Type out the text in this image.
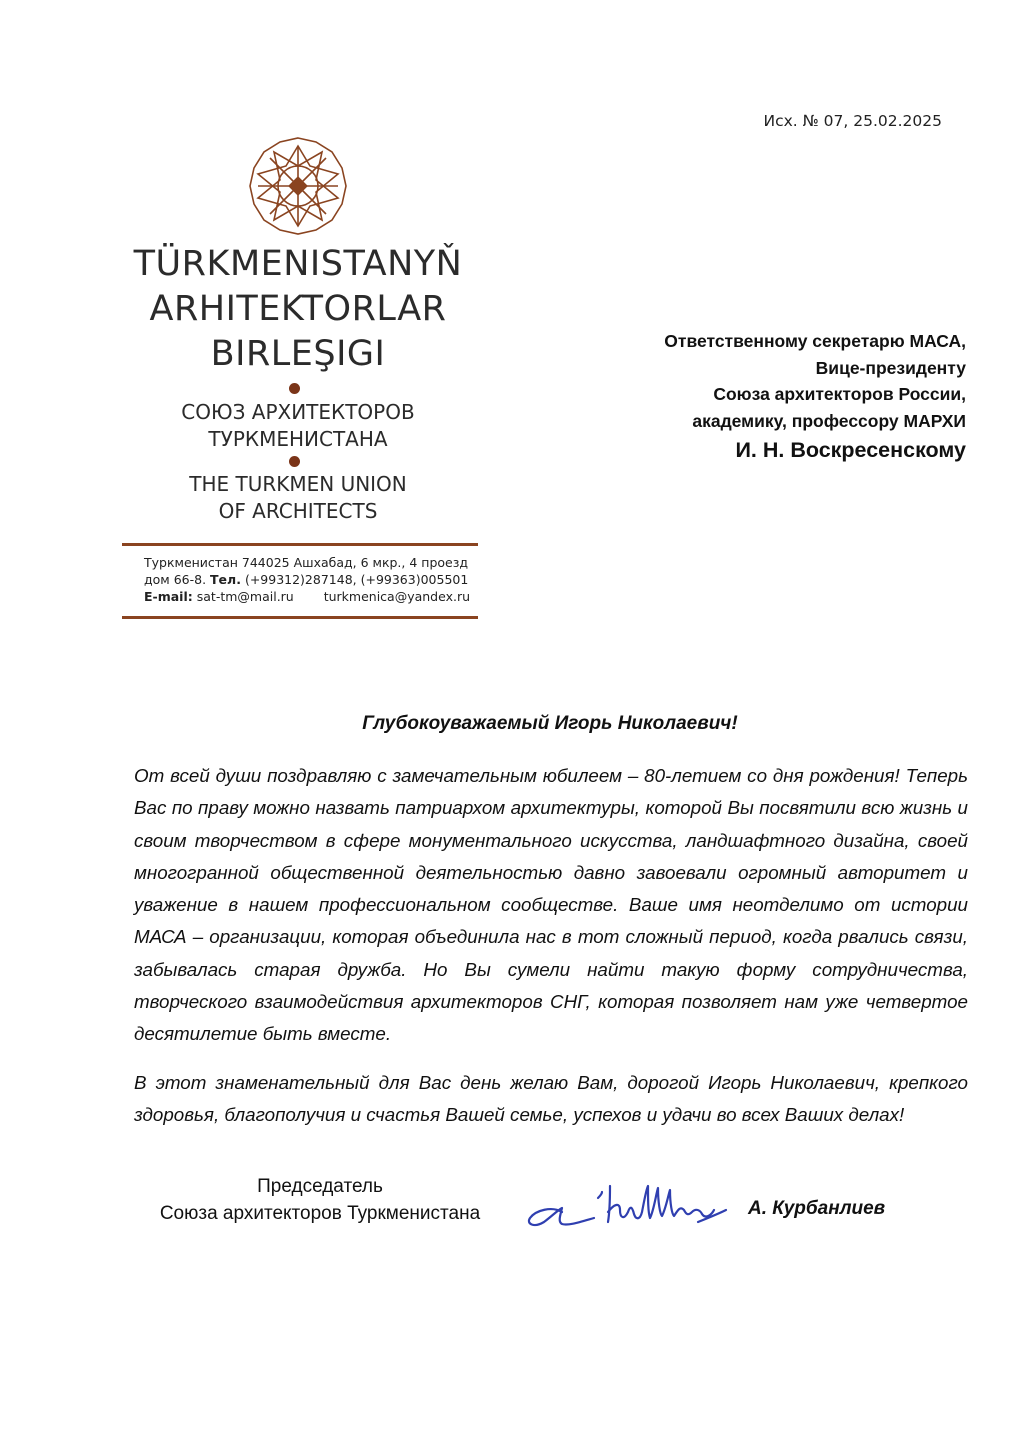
Исх. № 07, 25.02.2025
TÜRKMENISTANYŇ
ARHITEKTORLAR
BIRLEŞIGI
СОЮЗ АРХИТЕКТОРОВ
ТУРКМЕНИСТАНА
THE TURKMEN UNION
OF ARCHITECTS
Туркменистан 744025 Ашхабад, 6 мкр., 4 проезд
дом 66-8. Тел. (+99312)287148, (+99363)005501
E-mail: sat-tm@mail.ru turkmenica@yandex.ru
Ответственному секретарю МАСА,
Вице-президенту
Союза архитекторов России,
академику, профессору МАРХИ
И. Н. Воскресенскому
Глубокоуважаемый Игорь Николаевич!

От всей души поздравляю с замечательным юбилеем – 80-летием со дня рождения! Теперь Вас по праву можно назвать патриархом архитектуры, которой Вы посвятили всю жизнь и своим творчеством в сфере монументального искусства, ландшафтного дизайна, своей многогранной общественной деятельностью давно завоевали огромный авторитет и уважение в нашем профессиональном сообществе. Ваше имя неотделимо от истории МАСА – организации, которая объединила нас в тот сложный период, когда рвались связи, забывалась старая дружба. Но Вы сумели найти такую форму сотрудничества, творческого взаимодействия архитекторов СНГ, которая позволяет нам уже четвертое десятилетие быть вместе.

В этот знаменательный для Вас день желаю Вам, дорогой Игорь Николаевич, крепкого здоровья, благополучия и счастья Вашей семье, успехов и удачи во всех Ваших делах!

Председатель
Союза архитекторов Туркменистана	А. Курбанлиев
